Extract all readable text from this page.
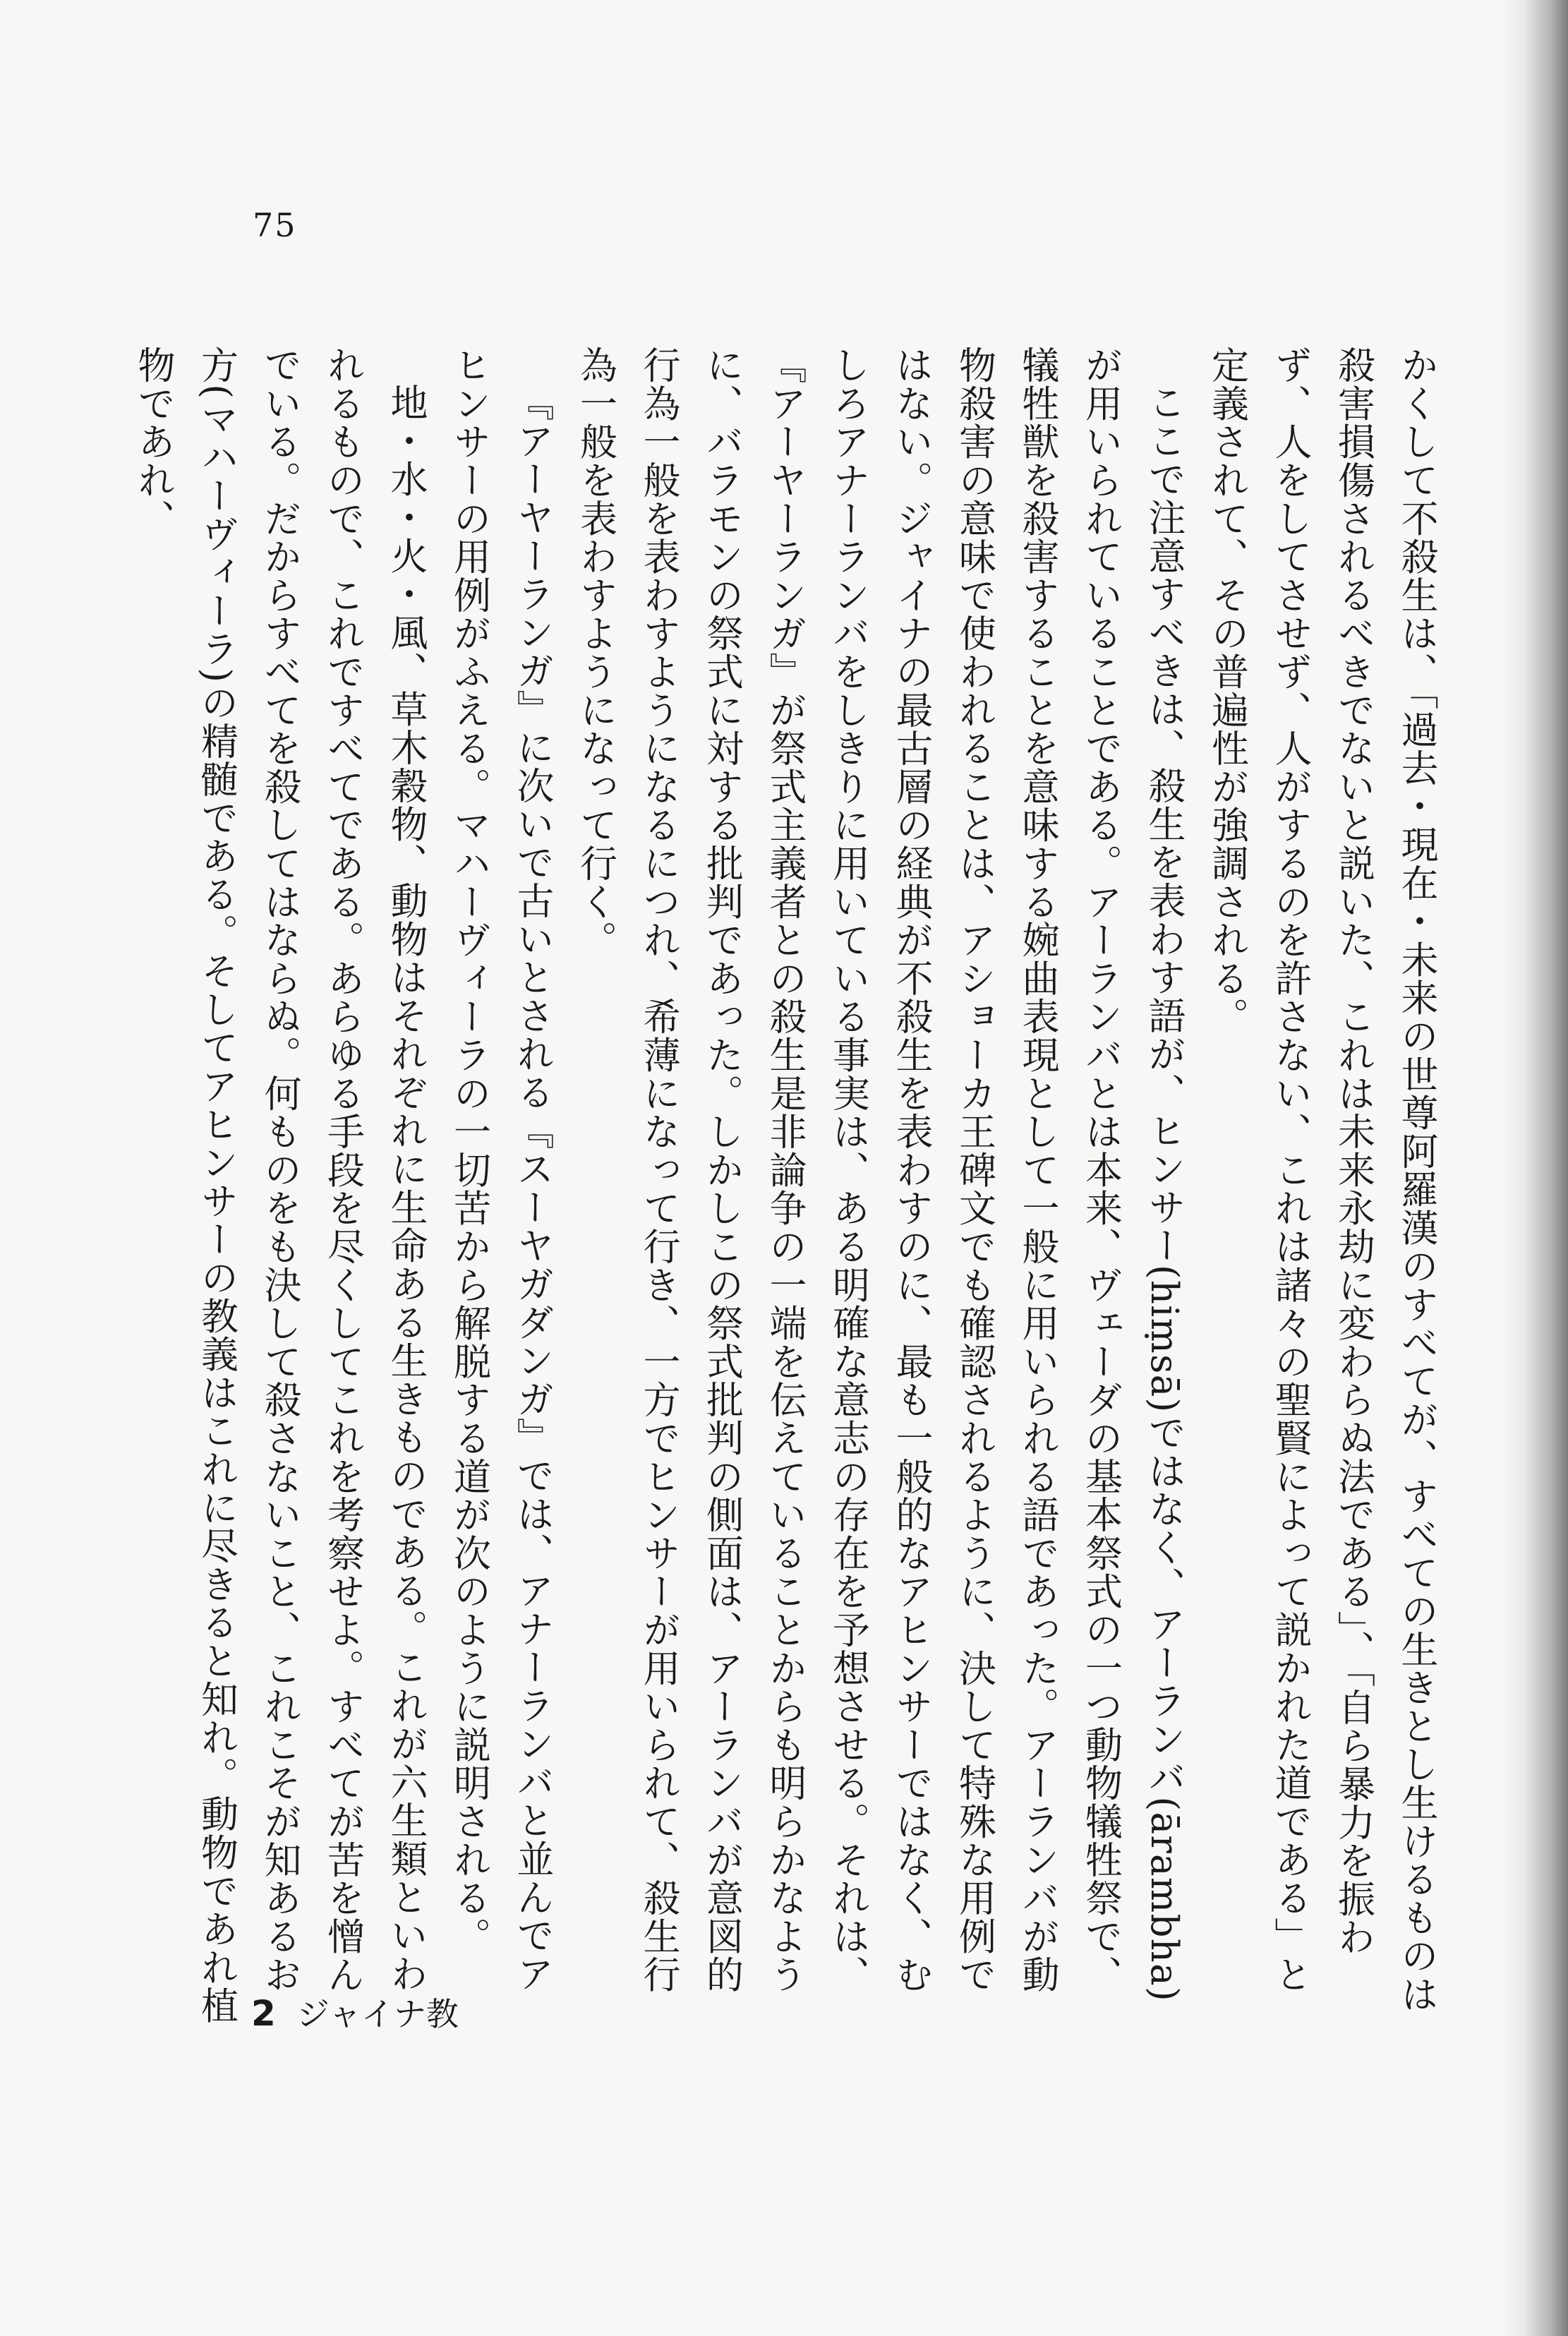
75

かくして不殺生は、「過去・現在・未来の世尊阿羅漢のすべてが、すべての生きとし生けるものは殺害損傷されるべきでないと説いた、これは未来永劫に変わらぬ法である」、「自ら暴力を振わず、人をしてさせず、人がするのを許さない、これは諸々の聖賢によって説かれた道である」と定義されて、その普遍性が強調される。

ここで注意すべきは、殺生を表わす語が、ヒンサー(hiṃsā)ではなく、アーランバ(ārambha)が用いられていることである。アーランバとは本来、ヴェーダの基本祭式の一つ動物犠牲祭で、犠牲獣を殺害することを意味する婉曲表現として一般に用いられる語であった。アーランバが動物殺害の意味で使われることは、アショーカ王碑文でも確認されるように、決して特殊な用例ではない。ジャイナの最古層の経典が不殺生を表わすのに、最も一般的なアヒンサーではなく、むしろアナーランバをしきりに用いている事実は、ある明確な意志の存在を予想させる。それは、『アーヤーランガ』が祭式主義者との殺生是非論争の一端を伝えていることからも明らかなように、バラモンの祭式に対する批判であった。しかしこの祭式批判の側面は、アーランバが意図的行為一般を表わすようになるにつれ、希薄になって行き、一方でヒンサーが用いられて、殺生行為一般を表わすようになって行く。

『アーヤーランガ』に次いで古いとされる『スーヤガダンガ』では、アナーランバと並んでアヒンサーの用例がふえる。マハーヴィーラの一切苦から解脱する道が次のように説明される。

地・水・火・風、草木穀物、動物はそれぞれに生命ある生きものである。これが六生類といわれるもので、これですべてである。あらゆる手段を尽くしてこれを考察せよ。すべてが苦を憎んでいる。だからすべてを殺してはならぬ。何ものをも決して殺さないこと、これこそが知あるお方(マハーヴィーラ)の精髄である。そしてアヒンサーの教義はこれに尽きると知れ。動物であれ植物であれ、

2 ジャイナ教
